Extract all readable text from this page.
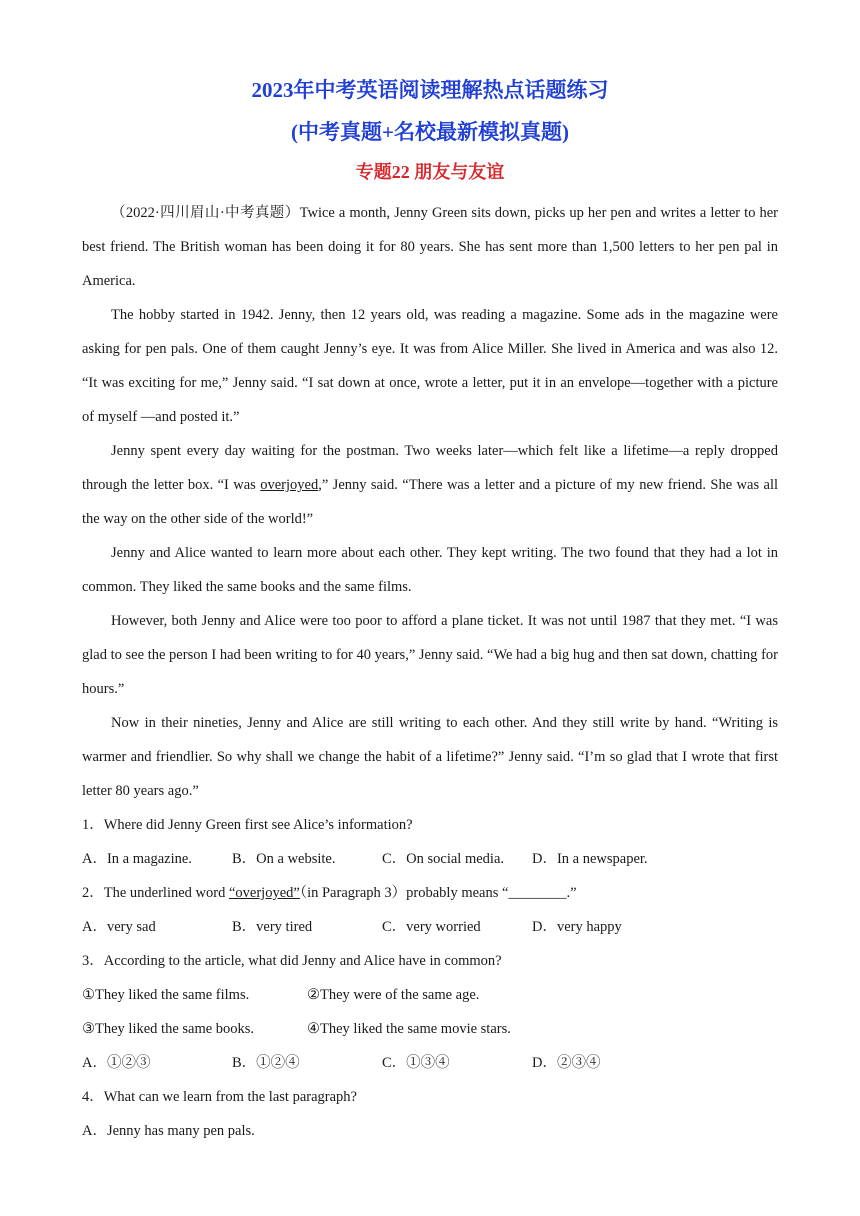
2023年中考英语阅读理解热点话题练习
(中考真题+名校最新模拟真题)
专题22 朋友与友谊

（2022·四川眉山·中考真题）Twice a month, Jenny Green sits down, picks up her pen and writes a letter to her best friend. The British woman has been doing it for 80 years. She has sent more than 1,500 letters to her pen pal in America.

The hobby started in 1942. Jenny, then 12 years old, was reading a magazine. Some ads in the magazine were asking for pen pals. One of them caught Jenny’s eye. It was from Alice Miller. She lived in America and was also 12. “It was exciting for me,” Jenny said. “I sat down at once, wrote a letter, put it in an envelope—together with a picture of myself —and posted it.”

Jenny spent every day waiting for the postman. Two weeks later—which felt like a lifetime—a reply dropped through the letter box. “I was overjoyed,” Jenny said. “There was a letter and a picture of my new friend. She was all the way on the other side of the world!”

Jenny and Alice wanted to learn more about each other. They kept writing. The two found that they had a lot in common. They liked the same books and the same films.

However, both Jenny and Alice were too poor to afford a plane ticket. It was not until 1987 that they met. “I was glad to see the person I had been writing to for 40 years,” Jenny said. “We had a big hug and then sat down, chatting for hours.”

Now in their nineties, Jenny and Alice are still writing to each other. And they still write by hand. “Writing is warmer and friendlier. So why shall we change the habit of a lifetime?” Jenny said. “I’m so glad that I wrote that first letter 80 years ago.”

1．Where did Jenny Green first see Alice’s information?

A．In a magazine.	B．On a website.	C．On social media.	D．In a newspaper.

2．The underlined word “overjoyed”（in Paragraph 3）probably means “________.”

A．very sad	B．very tired	C．very worried	D．very happy

3．According to the article, what did Jenny and Alice have in common?

①They liked the same films.	②They were of the same age.
③They liked the same books.	④They liked the same movie stars.
A．①②③	B．①②④	C．①③④	D．②③④

4．What can we learn from the last paragraph?

A．Jenny has many pen pals.
